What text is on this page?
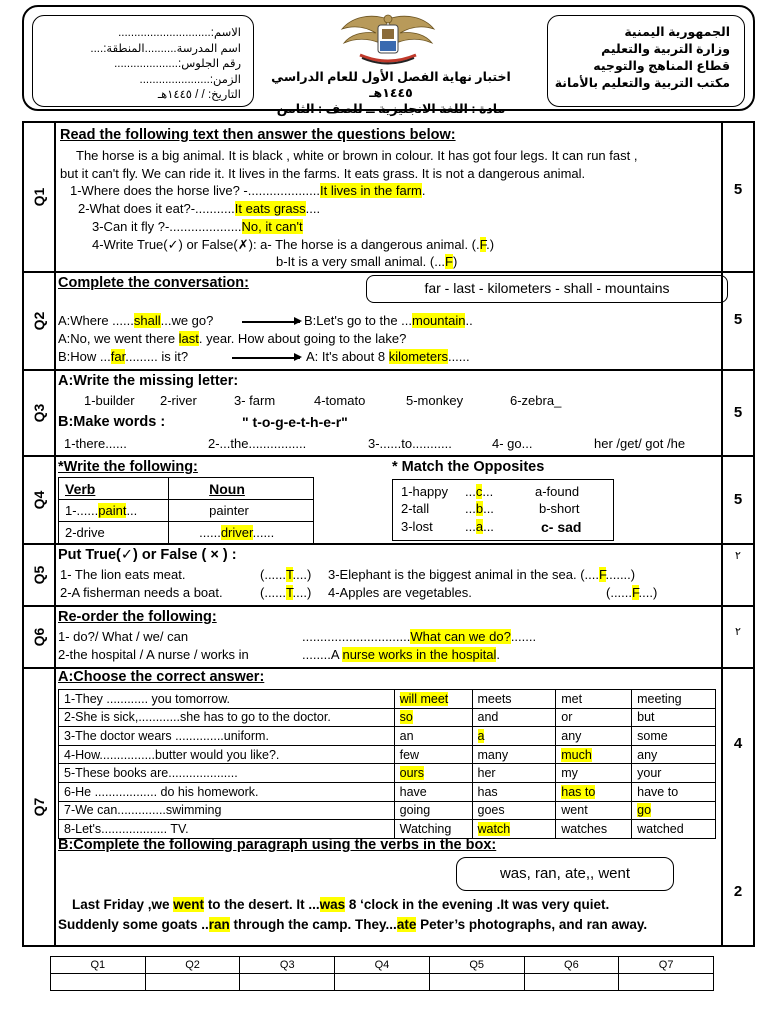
الاسم:.............................
اسم المدرسة..........المنطقة:....
رقم الجلوس:....................
الزمن:......................
التاريخ: / / ١٤٤٥هـ
اختبار نهاية الفصل الأول للعام الدراسي ١٤٤٥هـ
مادة : اللغة الانجليزية ــ للصف : الثامن
الجمهورية اليمنية
وزارة التربية والتعليم
قطاع المناهج والتوجيه
مكتب التربية والتعليم بالأمانة
Q1
Read the following text then answer the questions below:
The horse is a big animal. It is black , white or brown in colour. It has got four legs. It can run fast ,
but it can't fly. We can ride it. It lives in the farms. It eats grass. It is not a dangerous animal.
1-Where does the horse live? -....................It lives in the farm.
2-What does it eat?-...........It eats grass....
3-Can it fly ?-....................No, it can't
4-Write True(✓) or False(✗): a- The horse is a dangerous animal. (.F.)
b-It is a very small animal. (...F)
5
Q2
Complete the conversation:	far - last - kilometers - shall - mountains
A:Where ......shall...we go?	B:Let's go to the ...mountain..
A:No, we went there last. year. How about going to the lake?
B:How ...far......... is it?	A: It's about 8 kilometers......
5
Q3
A:Write the missing letter:
1-builder 2-river	3- farm	4-tomato	5-monkey	6-zebra_
B:Make words :	" t-o-g-e-t-h-e-r"
1-there......	2-...the................	3-......to...........	4- go...	her /get/ got /he
5
Q4
*Write the following:
Verb	Noun
1-......paint...	painter
2-drive	......driver......
* Match the Opposites
1-happy ...c...	a-found
2-tall	...b...	b-short
3-lost ...a...	c- sad
5
Q5
Put True(✓) or False ( × ) :
1- The lion eats meat.	(......T....) 3-Elephant is the biggest animal in the sea. (....F.......)
2-A fisherman needs a boat.	(......T....) 4-Apples are vegetables.	(......F....)
٢
Q6
Re-order the following:
1- do?/ What / we/ can	..............................What can we do?.......
2-the hospital / A nurse / works in	........A nurse works in the hospital.
٢
Q7
A:Choose the correct answer:
1-They ............ you tomorrow.	will meet	meets	met	meeting
2-She is sick,............she has to go to the doctor.	so	and	or	but
3-The doctor wears ..............uniform.	an	a	any	some
4-How................butter would you like?.	few	many	much	any
5-These books are....................	ours	her	my	your
6-He .................. do his homework.	have	has	has to	have to
7-We can..............swimming	going	goes	went	go
8-Let's................... TV.	Watching	watch	watches	watched
B:Complete the following paragraph using the verbs in the box:
was, ran, ate,, went
Last Friday ,we went to the desert. It ...was 8 ‘clock in the evening .It was very quiet.
Suddenly some goats ..ran through the camp. They...ate Peter’s photographs, and ran away.
4
2
Q1	Q2	Q3	Q4	Q5	Q6	Q7
